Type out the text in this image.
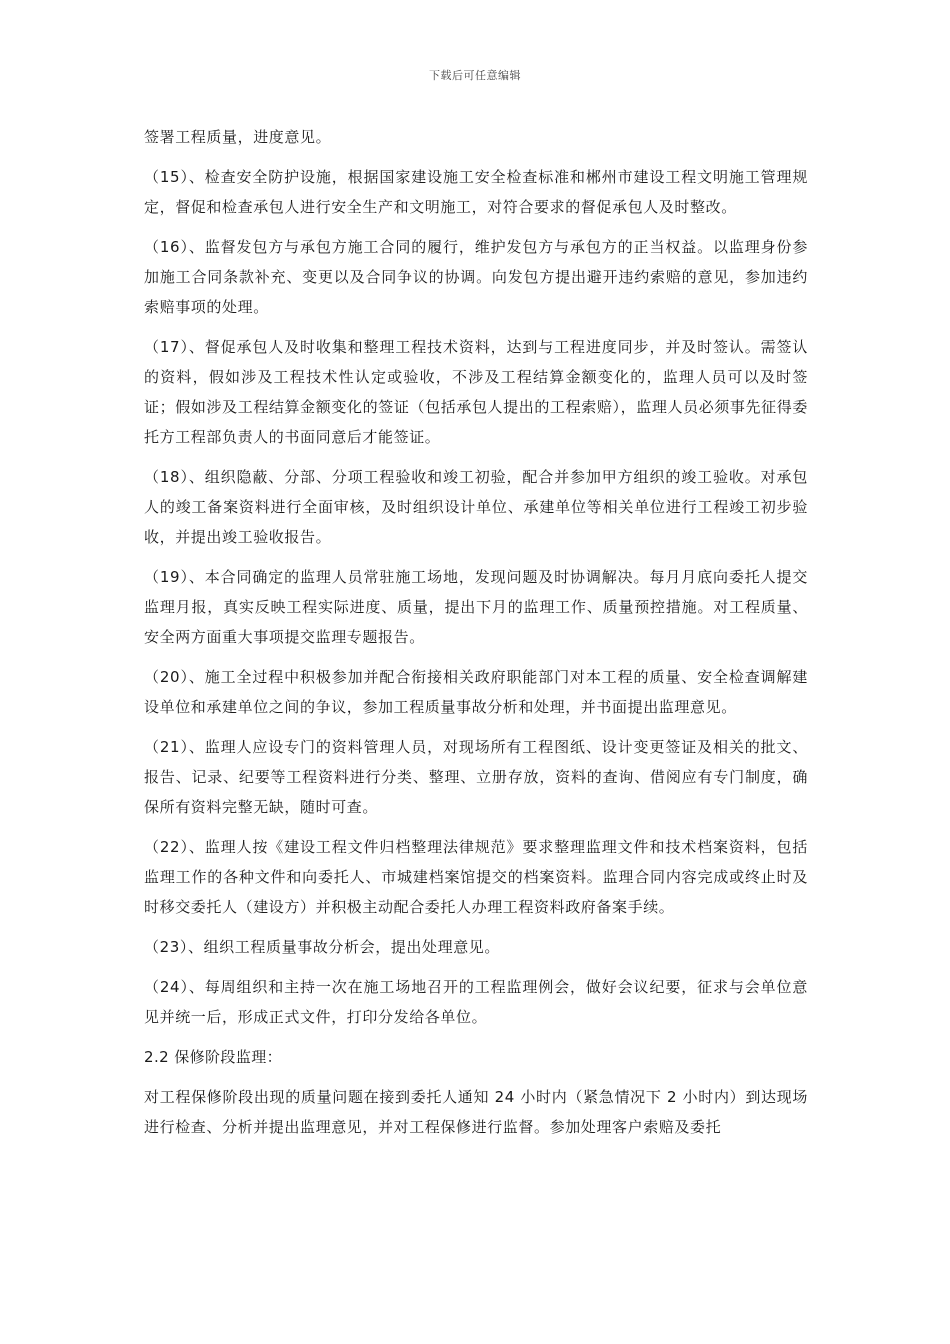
下载后可任意编辑

签署工程质量，进度意见。

（15）、检查安全防护设施，根据国家建设施工安全检查标准和郴州市建设工程文明施工管理规定，督促和检查承包人进行安全生产和文明施工，对符合要求的督促承包人及时整改。

（16）、监督发包方与承包方施工合同的履行，维护发包方与承包方的正当权益。以监理身份参加施工合同条款补充、变更以及合同争议的协调。向发包方提出避开违约索赔的意见，参加违约索赔事项的处理。

（17）、督促承包人及时收集和整理工程技术资料，达到与工程进度同步，并及时签认。需签认的资料，假如涉及工程技术性认定或验收，不涉及工程结算金额变化的，监理人员可以及时签证；假如涉及工程结算金额变化的签证（包括承包人提出的工程索赔），监理人员必须事先征得委托方工程部负责人的书面同意后才能签证。

（18）、组织隐蔽、分部、分项工程验收和竣工初验，配合并参加甲方组织的竣工验收。对承包人的竣工备案资料进行全面审核，及时组织设计单位、承建单位等相关单位进行工程竣工初步验收，并提出竣工验收报告。

（19）、本合同确定的监理人员常驻施工场地，发现问题及时协调解决。每月月底向委托人提交监理月报，真实反映工程实际进度、质量，提出下月的监理工作、质量预控措施。对工程质量、安全两方面重大事项提交监理专题报告。

（20）、施工全过程中积极参加并配合衔接相关政府职能部门对本工程的质量、安全检查调解建设单位和承建单位之间的争议，参加工程质量事故分析和处理，并书面提出监理意见。

（21）、监理人应设专门的资料管理人员，对现场所有工程图纸、设计变更签证及相关的批文、报告、记录、纪要等工程资料进行分类、整理、立册存放，资料的查询、借阅应有专门制度，确保所有资料完整无缺，随时可查。

（22）、监理人按《建设工程文件归档整理法律规范》要求整理监理文件和技术档案资料，包括监理工作的各种文件和向委托人、市城建档案馆提交的档案资料。监理合同内容完成或终止时及时移交委托人（建设方）并积极主动配合委托人办理工程资料政府备案手续。

（23）、组织工程质量事故分析会，提出处理意见。

（24）、每周组织和主持一次在施工场地召开的工程监理例会，做好会议纪要，征求与会单位意见并统一后，形成正式文件，打印分发给各单位。

2.2 保修阶段监理：

对工程保修阶段出现的质量问题在接到委托人通知 24 小时内（紧急情况下 2 小时内）到达现场进行检查、分析并提出监理意见，并对工程保修进行监督。参加处理客户索赔及委托
